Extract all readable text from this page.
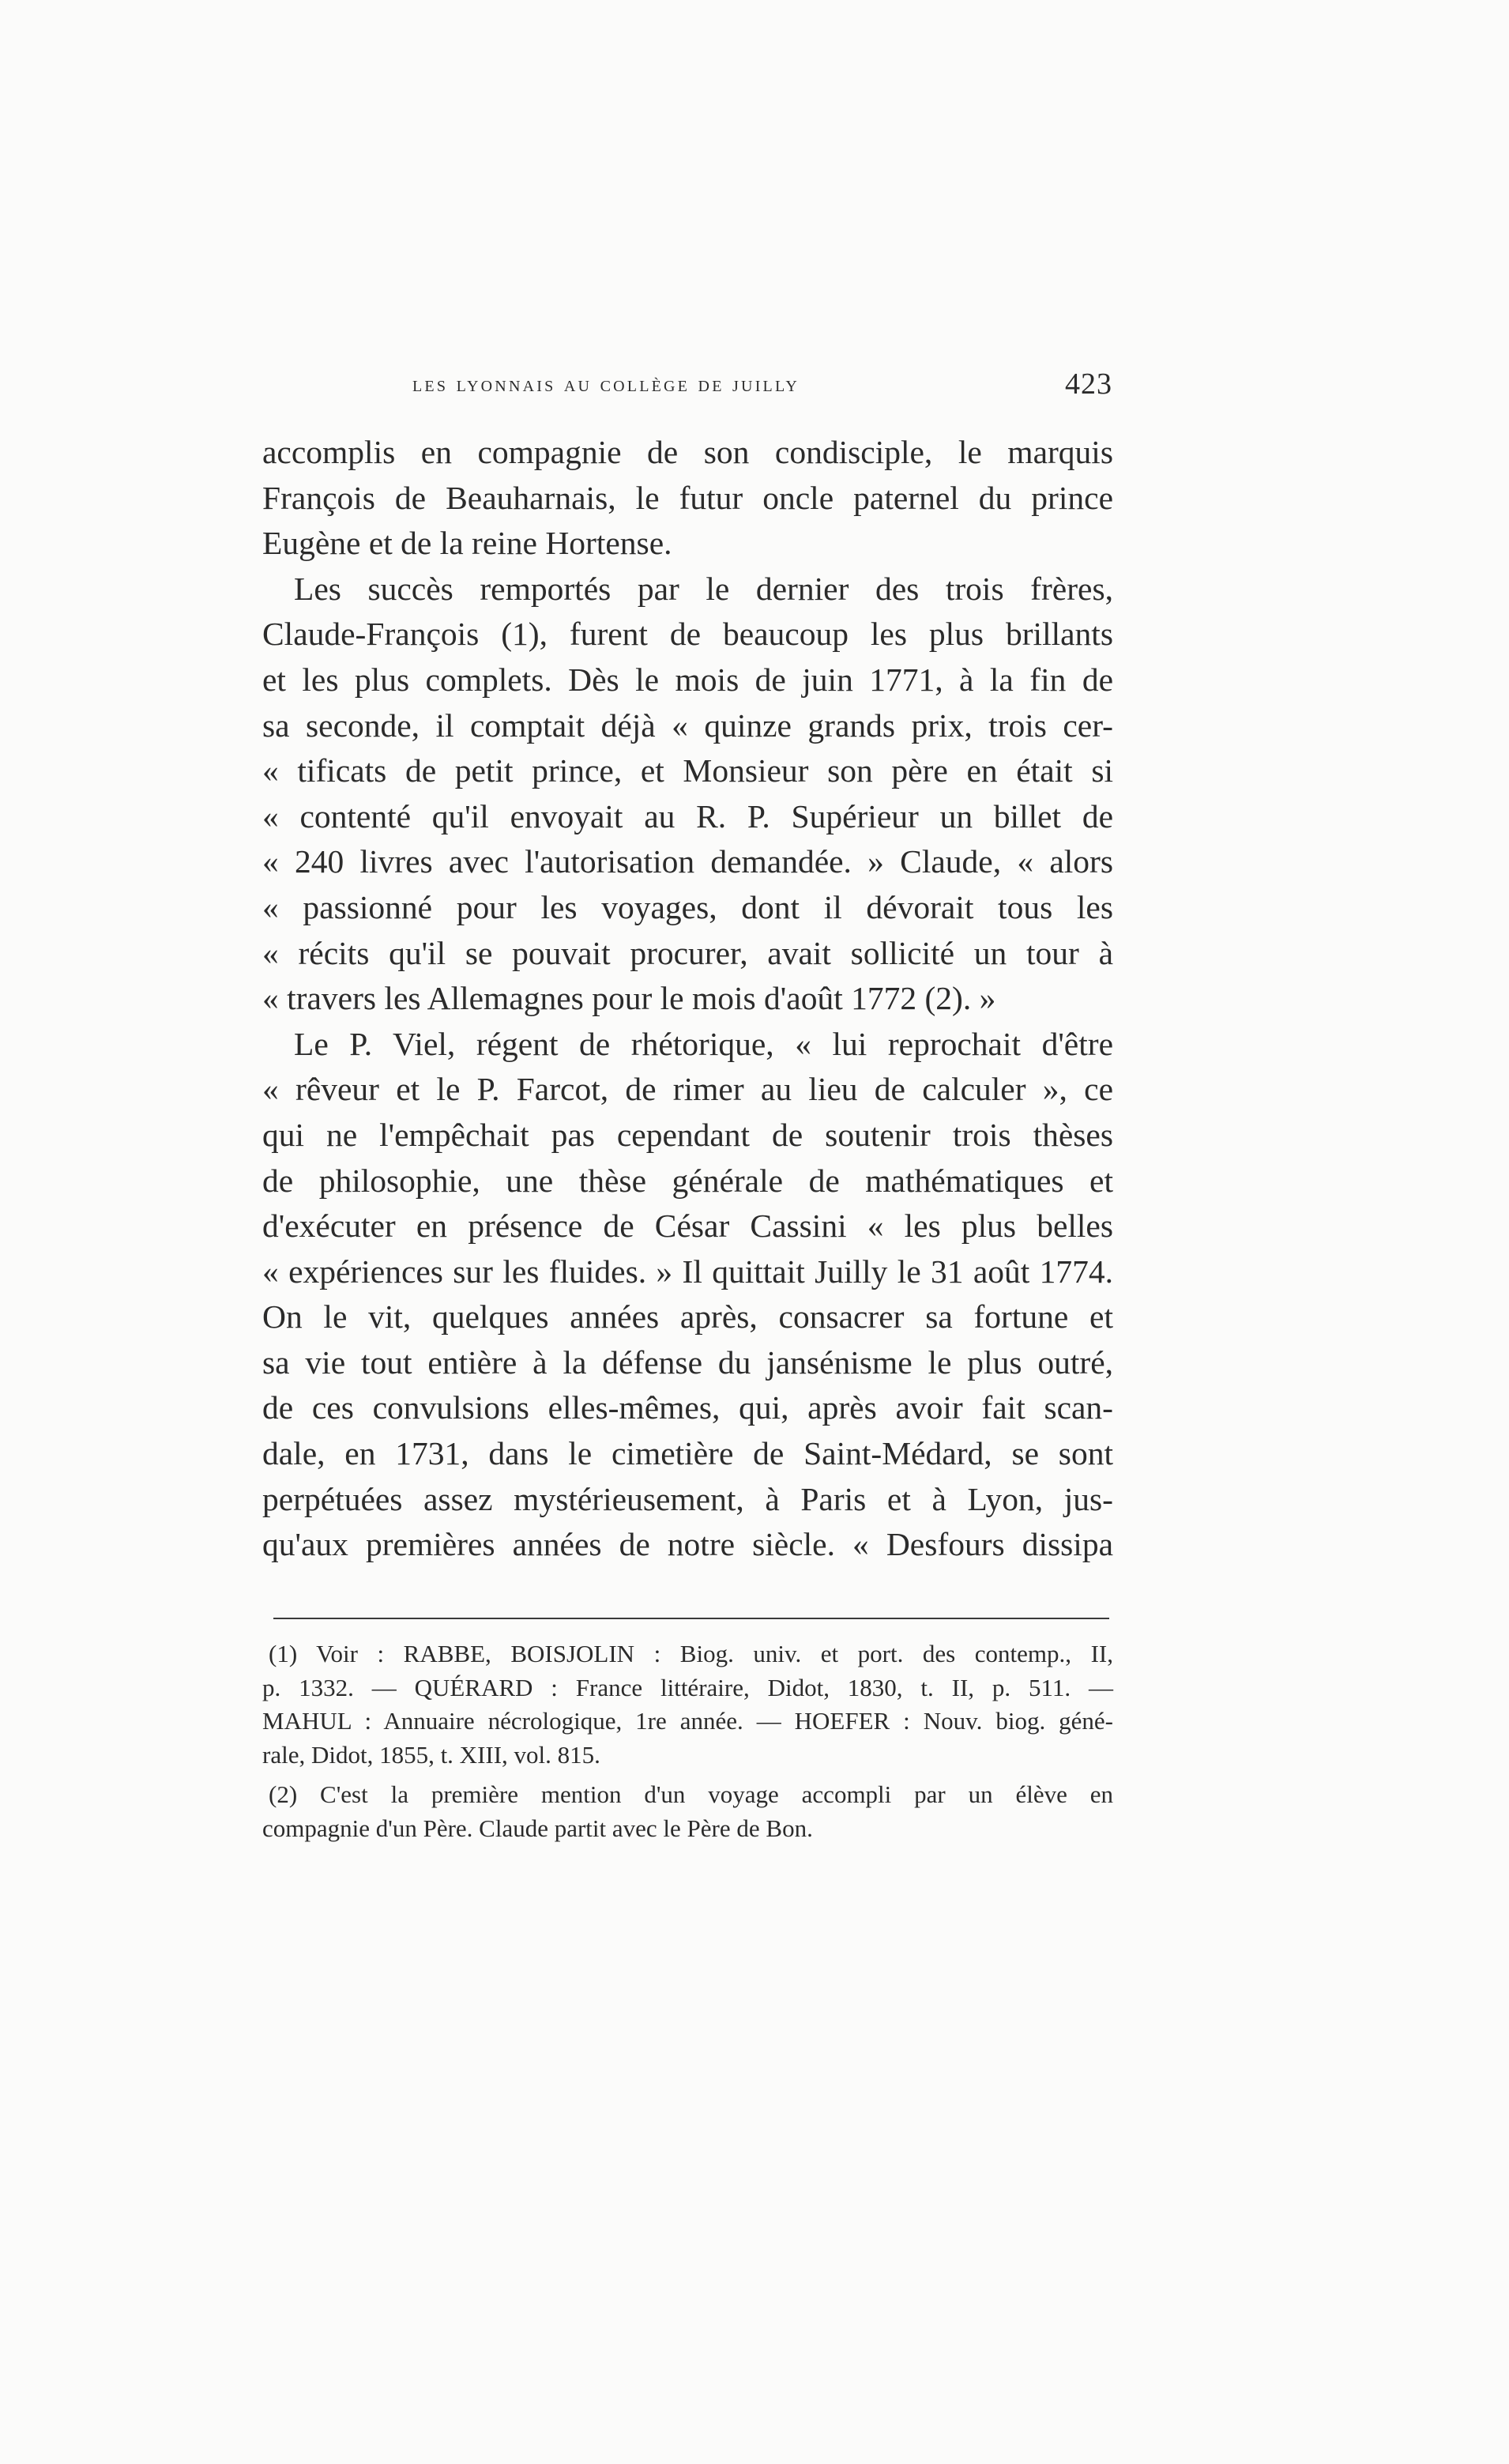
les lyonnais au collège de juilly	423
accomplis en compagnie de son condisciple, le marquis
François de Beauharnais, le futur oncle paternel du prince
Eugène et de la reine Hortense.
Les succès remportés par le dernier des trois frères,
Claude-François (1), furent de beaucoup les plus brillants
et les plus complets. Dès le mois de juin 1771, à la fin de
sa seconde, il comptait déjà « quinze grands prix, trois cer-
« tificats de petit prince, et Monsieur son père en était si
« contenté qu'il envoyait au R. P. Supérieur un billet de
« 240 livres avec l'autorisation demandée. » Claude, « alors
« passionné pour les voyages, dont il dévorait tous les
« récits qu'il se pouvait procurer, avait sollicité un tour à
« travers les Allemagnes pour le mois d'août 1772 (2). »
Le P. Viel, régent de rhétorique, « lui reprochait d'être
« rêveur et le P. Farcot, de rimer au lieu de calculer », ce
qui ne l'empêchait pas cependant de soutenir trois thèses
de philosophie, une thèse générale de mathématiques et
d'exécuter en présence de César Cassini « les plus belles
« expériences sur les fluides. » Il quittait Juilly le 31 août 1774.
On le vit, quelques années après, consacrer sa fortune et
sa vie tout entière à la défense du jansénisme le plus outré,
de ces convulsions elles-mêmes, qui, après avoir fait scan-
dale, en 1731, dans le cimetière de Saint-Médard, se sont
perpétuées assez mystérieusement, à Paris et à Lyon, jus-
qu'aux premières années de notre siècle. « Desfours dissipa
(1) Voir : RABBE, BOISJOLIN : Biog. univ. et port. des contemp., II,
p. 1332. — QUÉRARD : France littéraire, Didot, 1830, t. II, p. 511. —
MAHUL : Annuaire nécrologique, 1re année. — HOEFER : Nouv. biog. géné-
rale, Didot, 1855, t. XIII, vol. 815.
(2) C'est la première mention d'un voyage accompli par un élève en
compagnie d'un Père. Claude partit avec le Père de Bon.
